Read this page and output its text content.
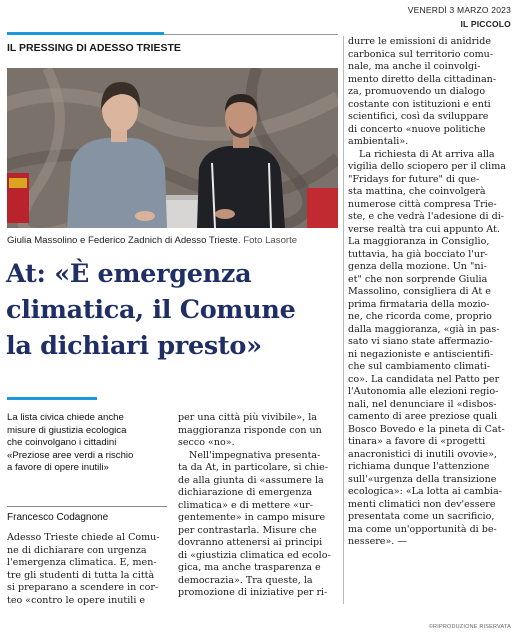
VENERDÌ 3 MARZO 2023
IL PICCOLO
IL PRESSING DI ADESSO TRIESTE
Giulia Massolino e Federico Zadnich di Adesso Trieste. Foto Lasorte
At: «È emergenza
climatica, il Comune
la dichiari presto»
La lista civica chiede anche
misure di giustizia ecologica
che coinvolgano i cittadini
«Preziose aree verdi a rischio
a favore di opere inutili»
Francesco Codagnone
Adesso Trieste chiede al Comu-
ne di dichiarare con urgenza
l'emergenza climatica. E, men-
tre gli studenti di tutta la città
si preparano a scendere in cor-
teo «contro le opere inutili e
per una città più vivibile», la
maggioranza risponde con un
secco «no».
Nell'impegnativa presenta-
ta da At, in particolare, si chie-
de alla giunta di «assumere la
dichiarazione di emergenza
climatica» e di mettere «ur-
gentemente» in campo misure
per contrastarla. Misure che
dovranno attenersi ai principi
di «giustizia climatica ed ecolo-
gica, ma anche trasparenza e
democrazia». Tra queste, la
promozione di iniziative per ri-
durre le emissioni di anidride
carbonica sul territorio comu-
nale, ma anche il coinvolgi-
mento diretto della cittadinan-
za, promuovendo un dialogo
costante con istituzioni e enti
scientifici, così da sviluppare
di concerto «nuove politiche
ambientali».
La richiesta di At arriva alla
vigilia dello sciopero per il clima
"Fridays for future" di que-
sta mattina, che coinvolgerà
numerose città compresa Trie-
ste, e che vedrà l'adesione di di-
verse realtà tra cui appunto At.
La maggioranza in Consiglio,
tuttavia, ha già bocciato l'ur-
genza della mozione. Un "ni-
et" che non sorprende Giulia
Massolino, consigliera di At e
prima firmataria della mozio-
ne, che ricorda come, proprio
dalla maggioranza, «già in pas-
sato vi siano state affermazio-
ni negazioniste e antiscientifi-
che sul cambiamento climati-
co». La candidata nel Patto per
l'Autonomia alle elezioni regio-
nali, nel denunciare il «disbos-
camento di aree preziose quali
Bosco Bovedo e la pineta di Cat-
tinara» a favore di «progetti
anacronistici di inutili ovovie»,
richiama dunque l'attenzione
sull'«urgenza della transizione
ecologica»: «La lotta ai cambia-
menti climatici non dev'essere
presentata come un sacrificio,
ma come un'opportunità di be-
nessere». —
©RIPRODUZIONE RISERVATA
